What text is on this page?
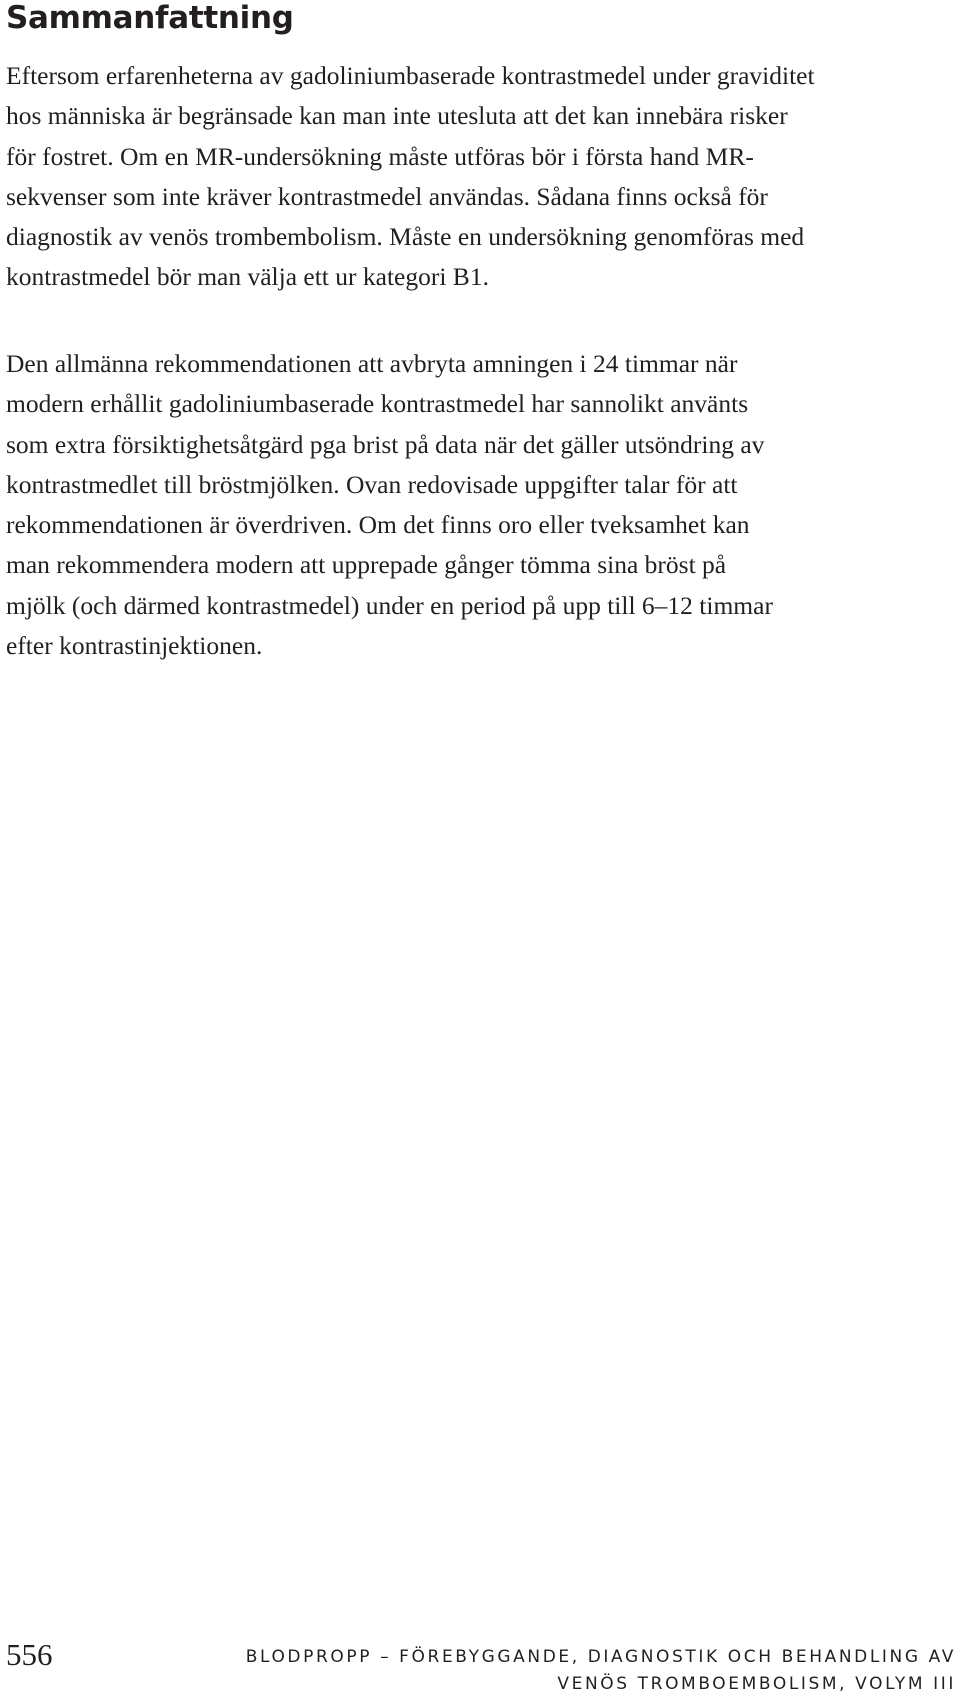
Sammanfattning

Eftersom erfarenheterna av gadoliniumbaserade kontrastmedel under graviditet
hos människa är begränsade kan man inte utesluta att det kan innebära risker
för fostret. Om en MR-undersökning måste utföras bör i första hand MR-
sekvenser som inte kräver kontrastmedel användas. Sådana finns också för
diagnostik av venös trombembolism. Måste en undersökning genomföras med
kontrastmedel bör man välja ett ur kategori B1.

Den allmänna rekommendationen att avbryta amningen i 24 timmar när
modern erhållit gadoliniumbaserade kontrastmedel har sannolikt använts
som extra försiktighetsåtgärd pga brist på data när det gäller utsöndring av
kontrastmedlet till bröstmjölken. Ovan redovisade uppgifter talar för att
rekommendationen är överdriven. Om det finns oro eller tveksamhet kan
man rekommendera modern att upprepade gånger tömma sina bröst på
mjölk (och därmed kontrastmedel) under en period på upp till 6–12 timmar
efter kontrastinjektionen.

556	BLODPROPP – FÖREBYGGANDE, DIAGNOSTIK OCH BEHANDLING AV
VENÖS TROMBOEMBOLISM, VOLYM III
